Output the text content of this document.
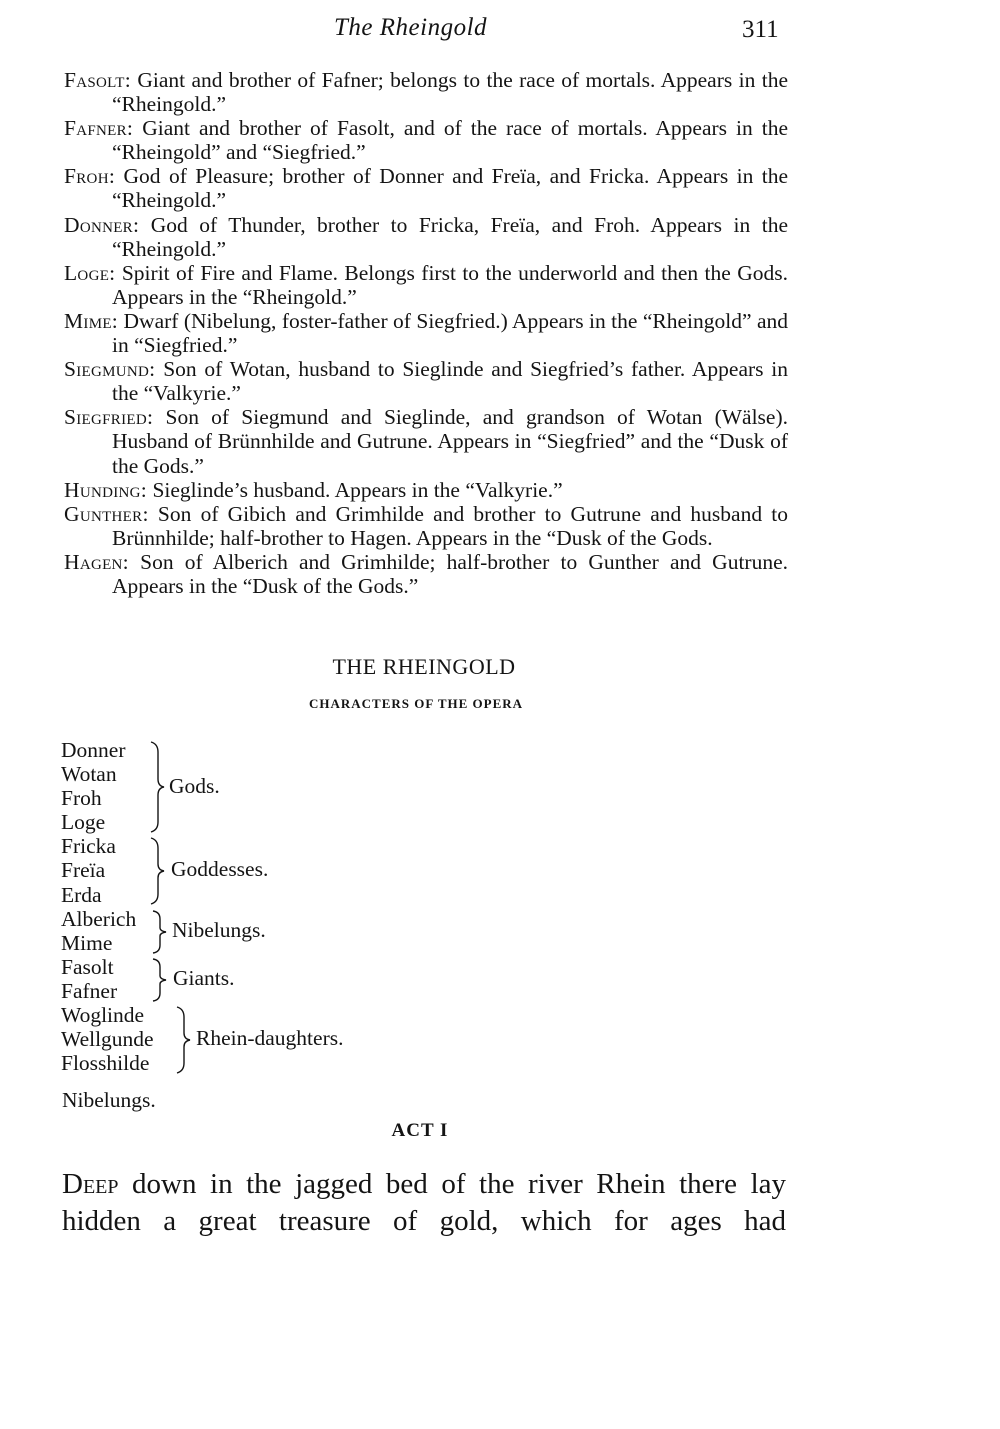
The Rheingold	311
Fasolt: Giant and brother of Fafner; belongs to the race of mortals. Appears in the “Rheingold.”
Fafner: Giant and brother of Fasolt, and of the race of mortals. Appears in the “Rheingold” and “Siegfried.”
Froh: God of Pleasure; brother of Donner and Freïa, and Fricka. Appears in the “Rheingold.”
Donner: God of Thunder, brother to Fricka, Freïa, and Froh. Appears in the “Rheingold.”
Loge: Spirit of Fire and Flame. Belongs first to the underworld and then the Gods. Appears in the “Rheingold.”
Mime: Dwarf (Nibelung, foster-father of Siegfried.) Appears in the “Rheingold” and in “Siegfried.”
Siegmund: Son of Wotan, husband to Sieglinde and Siegfried’s father. Appears in the “Valkyrie.”
Siegfried: Son of Siegmund and Sieglinde, and grandson of Wotan (Wälse). Husband of Brünnhilde and Gutrune. Appears in “Siegfried” and the “Dusk of the Gods.”
Hunding: Sieglinde’s husband. Appears in the “Valkyrie.”
Gunther: Son of Gibich and Grimhilde and brother to Gutrune and husband to Brünnhilde; half-brother to Hagen. Appears in the “Dusk of the Gods.
Hagen: Son of Alberich and Grimhilde; half-brother to Gunther and Gutrune. Appears in the “Dusk of the Gods.”
THE RHEINGOLD
CHARACTERS OF THE OPERA
Donner
Wotan
Froh
Loge
Gods.
Fricka
Freïa
Erda
Goddesses.
Alberich
Mime
Nibelungs.
Fasolt
Fafner
Giants.
Woglinde
Wellgunde
Flosshilde
Rhein-daughters.
Nibelungs.
ACT I
Deep down in the jagged bed of the river Rhein there lay hidden a great treasure of gold, which for ages had
